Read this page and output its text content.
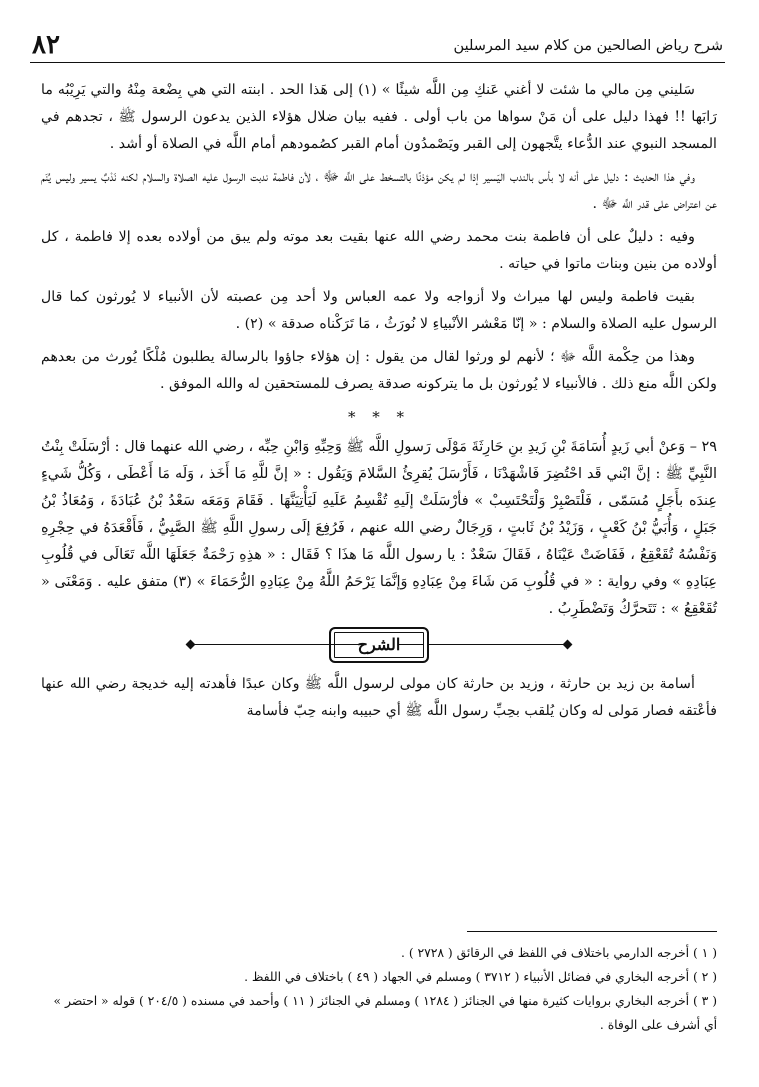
٨٢	شرح رياض الصالحين من كلام سيد المرسلين

سَليني مِن مالي ما شئت لا أغني عَنكِ مِن اللَّه شيئًا » (١) إلى هَذا الحد . ابنته التي هي بِضْعة مِنْهُ والتي يَرِيْبُه ما رَابَها !! فهذا دليل على أن مَنْ سواها من باب أولى . ففيه بيان ضلال هؤلاء الذين يدعون الرسول ﷺ ، تجدهم في المسجد النبوي عند الدُّعاء يتَّجهون إلى القبر ويَصْمدُون أمام القبر كصُمودهم أمام اللَّه في الصلاة أو أشد .

وفي هذا الحديث : دليل على أنه لا بأس بالندب اليَسير إذا لم يكن مؤذنًا بالتسخط على اللَّه ﷻ ، لأن فاطمة ندبت الرسول عليه الصلاة والسلام لكنه نَدْبٌ يسير وليس يُنَم عن اعتراض على قدر اللَّه ﷻ .

وفيه : دليلٌ على أن فاطمة بنت محمد رضي الله عنها بقيت بعد موته ولم يبق من أولاده بعده إلا فاطمة ، كل أولاده من بنين وبنات ماتوا في حياته .

بقيت فاطمة وليس لها ميراث ولا أزواجه ولا عمه العباس ولا أحد مِن عصبته لأن الأنبياء لا يُورثون كما قال الرسول عليه الصلاة والسلام : « إنّا مَعْشر الأنْبياءِ لا نُورَثُ ، مَا تَرَكْناه صدقة » (٢) .

وهذا من حِكْمة اللَّه ﷻ ؛ لأنهم لو ورثوا لقال من يقول : إن هؤلاء جاؤوا بالرسالة يطلبون مُلْكًا يُورث من بعدهم ولكن اللَّه منع ذلك . فالأنبياء لا يُورثون بل ما يتركونه صدقة يصرف للمستحقين له والله الموفق .

* * *

٢٩ – وَعنْ أبي زَيدٍ أُسَامَةَ بْنِ زَيدِ بنِ حَارِثَةَ مَوْلَى رَسولِ اللَّه ﷺ وَحِبِّهِ وَابْنِ حِبِّه ، رضي الله عنهما قال : أرْسَلَتْ بِنْتُ النَّبِيِّ ﷺ : إنَّ ابْني قَد احْتُضِرَ فَاشْهَدْنَا ، فَأَرْسَلَ يُقرِئُ السَّلامَ وَيَقُول : « إنَّ للَّهِ مَا أَخَذ ، وَلَه مَا أَعْطَى ، وَكُلُّ شَيءٍ عِندَه بأَجَلٍ مُسَمّى ، فَلْتَصْبِرْ وَلْتَحْتَسِبْ » فأرْسَلَتْ إلَيهِ تُقْسِمُ عَلَيهِ لَيَأْتِيَنَّهَا . فَقَامَ وَمَعَه سَعْدُ بْنُ عُبَادَةَ ، وَمُعَاذُ بْنُ جَبَلٍ ، وَأُبَيُّ بْنُ كَعْبٍ ، وَزَيْدُ بْنُ ثَابتٍ ، وَرِجَالٌ رضي الله عنهم ، فَرُفِعَ إلَى رسولِ اللَّهِ ﷺ الصَّبِيُّ ، فَأَقْعَدَهُ في حِجْرِهِ وَنَفْسُهُ تُقَعْقِعُ ، فَفَاضَتْ عَيْنَاهُ ، فَقَالَ سَعْدٌ : يا رسول اللَّه مَا هذَا ؟ فَقَال : « هذِهِ رَحْمَةٌ جَعَلَهَا اللَّه تَعَالَى في قُلُوبِ عِبَادِهِ » وفي رواية : « في قُلُوبِ مَن شَاءَ مِنْ عِبَادِهِ وَإنَّمَا يَرْحَمُ اللَّهُ مِنْ عِبَادِهِ الرُّحَمَاءَ » (٣) متفق عليه . وَمَعْنَى « تُقَعْقِعُ » : تَتَحرَّكُ وَتَضْطَرِبُ .

الشرح

أسامة بن زيد بن حارثة ، وزيد بن حارثة كان مولى لرسول اللَّه ﷺ وكان عبدًا فأهدته إليه خديجة رضي الله عنها فأعْتقه فصار مَولى له وكان يُلقب بحِبِّ رسول اللَّه ﷺ أي حبيبه وابنه حِبّ فأسامة

( ١ ) أخرجه الدارمي باختلاف في اللفظ في الرقائق ( ٢٧٢٨ ) .

( ٢ ) أخرجه البخاري في فضائل الأنبياء ( ٣٧١٢ ) ومسلم في الجهاد ( ٤٩ ) باختلاف في اللفظ .

( ٣ ) أخرجه البخاري بروايات كثيرة منها في الجنائز ( ١٢٨٤ ) ومسلم في الجنائز ( ١١ ) وأحمد في مسنده ( ٢٠٤/٥ ) قوله « احتضر » أي أشرف على الوفاة .
